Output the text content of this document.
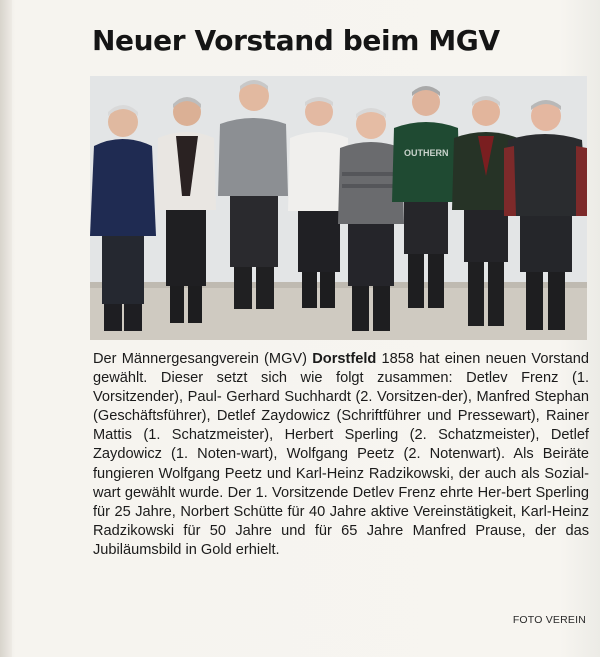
Neuer Vorstand beim MGV
OUTHERN

Der Männergesangverein (MGV) Dorstfeld 1858 hat einen neuen Vorstand gewählt. Dieser setzt sich wie folgt zusammen: Detlev Frenz (1. Vorsitzender), Paul- Gerhard Suchhardt (2. Vorsitzen-der), Manfred Stephan (Geschäftsführer), Detlef Zaydowicz (Schriftführer und Pressewart), Rainer Mattis (1. Schatzmeister), Herbert Sperling (2. Schatzmeister), Detlef Zaydowicz (1. Noten-wart), Wolfgang Peetz (2. Notenwart). Als Beiräte fungieren Wolfgang Peetz und Karl-Heinz Radzikowski, der auch als Sozial-wart gewählt wurde. Der 1. Vorsitzende Detlev Frenz ehrte Her-bert Sperling für 25 Jahre, Norbert Schütte für 40 Jahre aktive Vereinstätigkeit, Karl-Heinz Radzikowski für 50 Jahre und für 65 Jahre Manfred Prause, der das Jubiläumsbild in Gold erhielt.

FOTO VEREIN
